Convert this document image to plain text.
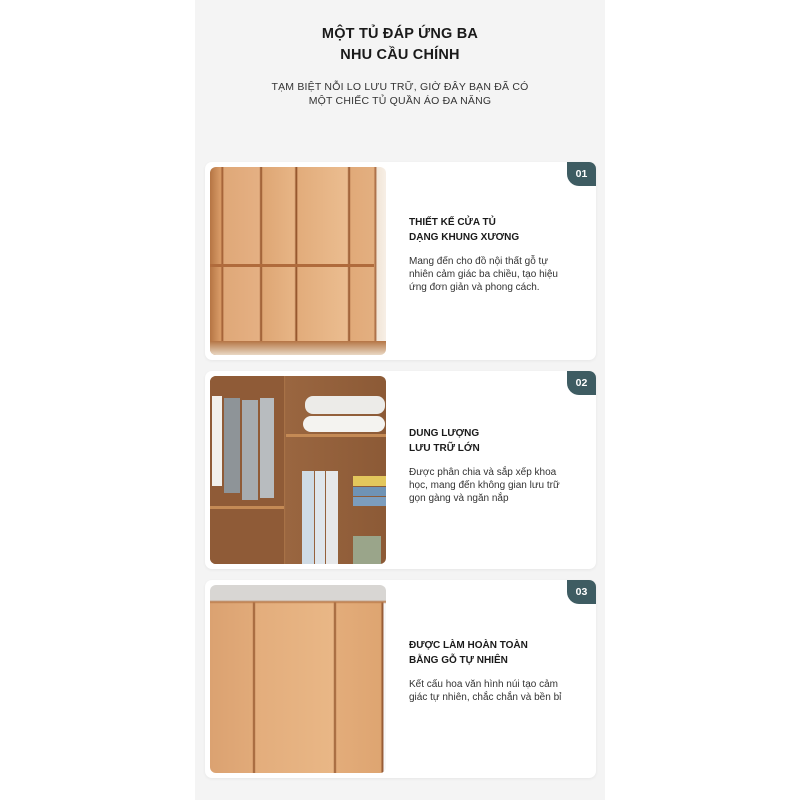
MỘT TỦ ĐÁP ỨNG BA
NHU CẦU CHÍNH
TẠM BIỆT NỖI LO LƯU TRỮ, GIỜ ĐÂY BẠN ĐÃ CÓ
MỘT CHIẾC TỦ QUẦN ÁO ĐA NĂNG
01
THIẾT KẾ CỬA TỦ
DẠNG KHUNG XƯƠNG

Mang đến cho đồ nội thất gỗ tự nhiên cảm giác ba chiều, tạo hiệu ứng đơn giản và phong cách.

02
DUNG LƯỢNG
LƯU TRỮ LỚN

Được phân chia và sắp xếp khoa học, mang đến không gian lưu trữ gọn gàng và ngăn nắp

03
ĐƯỢC LÀM HOÀN TOÀN
BẰNG GỖ TỰ NHIÊN

Kết cấu hoa văn hình núi tạo cảm giác tự nhiên, chắc chắn và bền bỉ
